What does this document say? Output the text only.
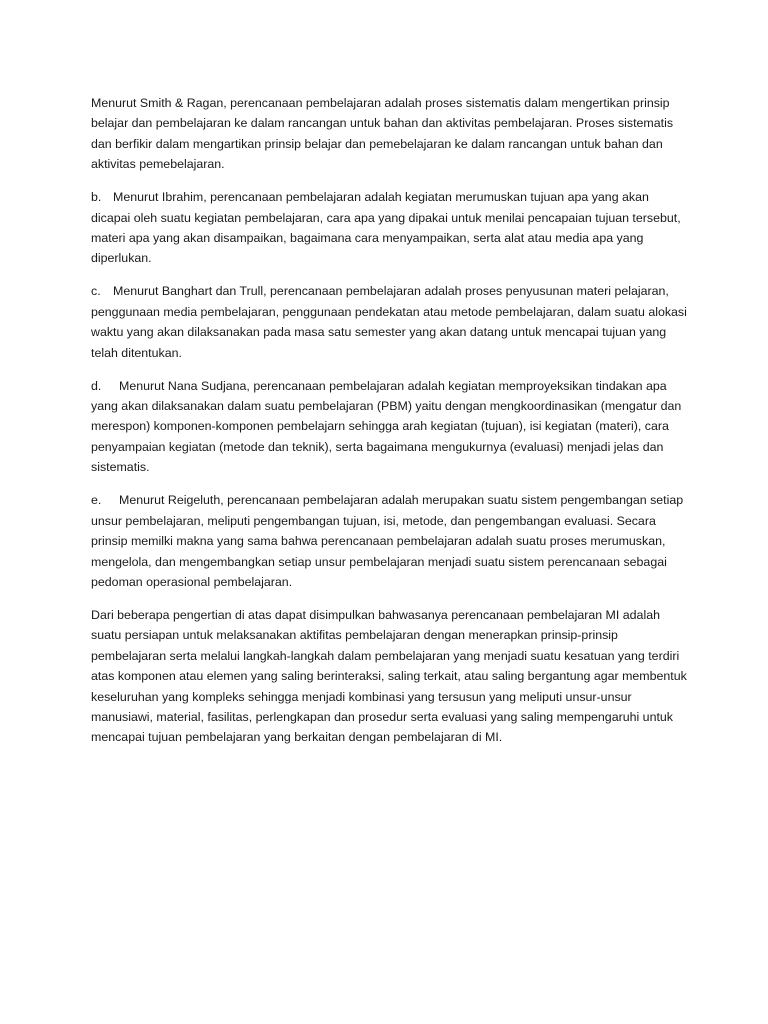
Menurut Smith & Ragan, perencanaan pembelajaran adalah proses sistematis dalam mengertikan prinsip belajar dan pembelajaran ke dalam rancangan untuk bahan dan aktivitas pembelajaran. Proses sistematis dan berfikir dalam mengartikan prinsip belajar dan pemebelajaran ke dalam rancangan untuk bahan dan aktivitas pemebelajaran.

b. Menurut Ibrahim, perencanaan pembelajaran adalah kegiatan merumuskan tujuan apa yang akan dicapai oleh suatu kegiatan pembelajaran, cara apa yang dipakai untuk menilai pencapaian tujuan tersebut, materi apa yang akan disampaikan, bagaimana cara menyampaikan, serta alat atau media apa yang diperlukan.

c. Menurut Banghart dan Trull, perencanaan pembelajaran adalah proses penyusunan materi pelajaran, penggunaan media pembelajaran, penggunaan pendekatan atau metode pembelajaran, dalam suatu alokasi waktu yang akan dilaksanakan pada masa satu semester yang akan datang untuk mencapai tujuan yang telah ditentukan.

d. Menurut Nana Sudjana, perencanaan pembelajaran adalah kegiatan memproyeksikan tindakan apa yang akan dilaksanakan dalam suatu pembelajaran (PBM) yaitu dengan mengkoordinasikan (mengatur dan merespon) komponen-komponen pembelajarn sehingga arah kegiatan (tujuan), isi kegiatan (materi), cara penyampaian kegiatan (metode dan teknik), serta bagaimana mengukurnya (evaluasi) menjadi jelas dan sistematis.

e. Menurut Reigeluth, perencanaan pembelajaran adalah merupakan suatu sistem pengembangan setiap unsur pembelajaran, meliputi pengembangan tujuan, isi, metode, dan pengembangan evaluasi. Secara prinsip memilki makna yang sama bahwa perencanaan pembelajaran adalah suatu proses merumuskan, mengelola, dan mengembangkan setiap unsur pembelajaran menjadi suatu sistem perencanaan sebagai pedoman operasional pembelajaran.

Dari beberapa pengertian di atas dapat disimpulkan bahwasanya perencanaan pembelajaran MI adalah suatu persiapan untuk melaksanakan aktifitas pembelajaran dengan menerapkan prinsip-prinsip pembelajaran serta melalui langkah-langkah dalam pembelajaran yang menjadi suatu kesatuan yang terdiri atas komponen atau elemen yang saling berinteraksi, saling terkait, atau saling bergantung agar membentuk keseluruhan yang kompleks sehingga menjadi kombinasi yang tersusun yang meliputi unsur-unsur manusiawi, material, fasilitas, perlengkapan dan prosedur serta evaluasi yang saling mempengaruhi untuk mencapai tujuan pembelajaran yang berkaitan dengan pembelajaran di MI.
